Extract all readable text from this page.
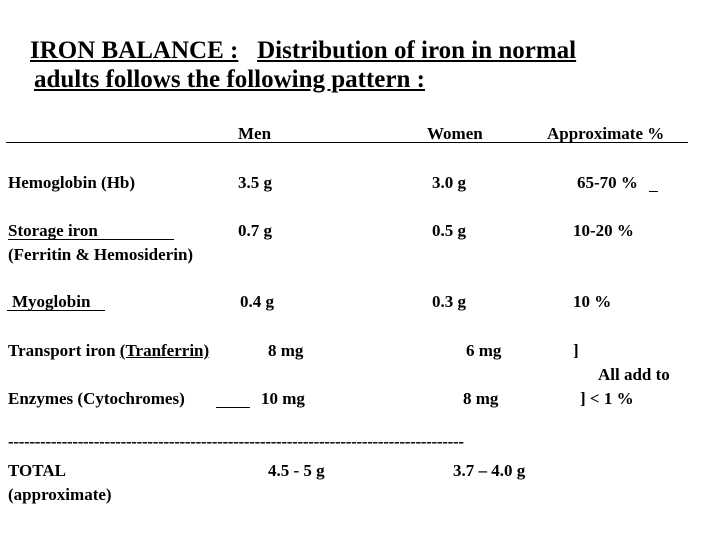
IRON BALANCE : Distribution of iron in normal
adults follows the following pattern :
Men	Women	Approximate %
Hemoglobin (Hb)	3.5 g	3.0 g	65-70 %
Storage iron
(Ferritin & Hemosiderin)
0.7 g	0.5 g	10-20 %
Myoglobin	0.4 g	0.3 g	10 %
Transport iron (Tranferrin)	8 mg	6 mg	]
All add to
Enzymes (Cytochromes)	10 mg	8 mg	] < 1 %
-------------------------------------------------------------------------------------
TOTAL
(approximate)
4.5 - 5 g	3.7 – 4.0 g
